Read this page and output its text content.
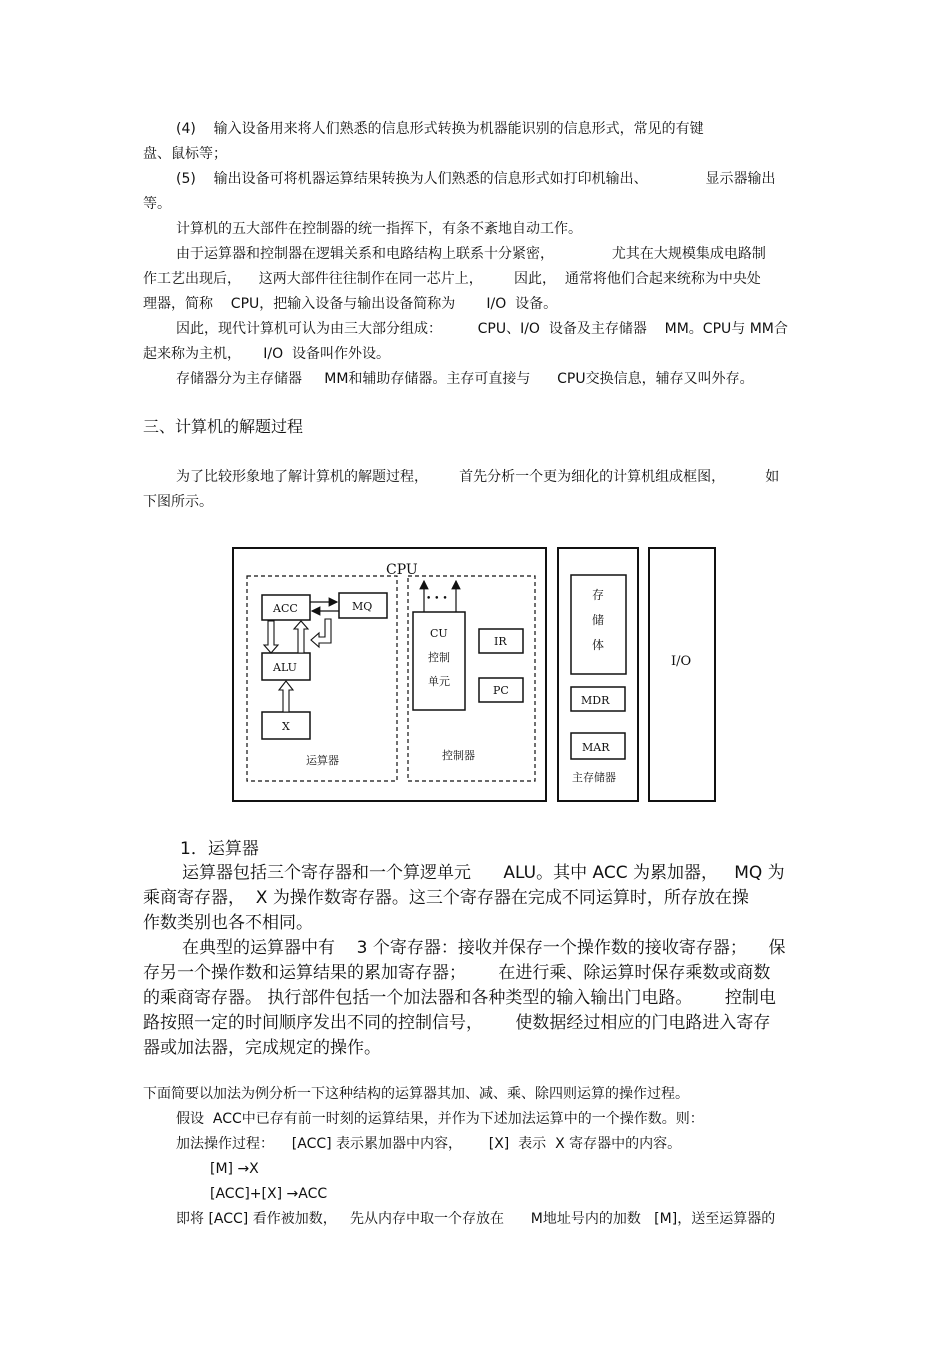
(4)    输入设备用来将人们熟悉的信息形式转换为机器能识别的信息形式，常见的有键
盘、鼠标等；
(5)    输出设备可将机器运算结果转换为人们熟悉的信息形式如打印机输出、             显示器输出
等。
计算机的五大部件在控制器的统一指挥下，有条不紊地自动工作。
由于运算器和控制器在逻辑关系和电路结构上联系十分紧密，             尤其在大规模集成电路制
作工艺出现后，    这两大部件往往制作在同一芯片上，       因此，  通常将他们合起来统称为中央处
理器，简称    CPU，把输入设备与输出设备简称为       I/O  设备。
因此，现代计算机可认为由三大部分组成：        CPU、I/O  设备及主存储器    MM。CPU与 MM合
起来称为主机，     I/O  设备叫作外设。
存储器分为主存储器     MM和辅助存储器。主存可直接与      CPU交换信息，辅存又叫外存。
三、计算机的解题过程
为了比较形象地了解计算机的解题过程，       首先分析一个更为细化的计算机组成框图，         如
下图所示。
CPU
ACC	MQ
ALU
X
运算器
• • •
CU
控制
单元
IR
PC
控制器
存
储
体
MDR
MAR
主存储器
I/O
1．运算器
运算器包括三个寄存器和一个算逻单元      ALU。其中 ACC 为累加器，   MQ 为
乘商寄存器，  X 为操作数寄存器。这三个寄存器在完成不同运算时，所存放在操
作数类别也各不相同。
在典型的运算器中有    3 个寄存器：接收并保存一个操作数的接收寄存器；    保
存另一个操作数和运算结果的累加寄存器；      在进行乘、除运算时保存乘数或商数
的乘商寄存器。 执行部件包括一个加法器和各种类型的输入输出门电路。      控制电
路按照一定的时间顺序发出不同的控制信号，      使数据经过相应的门电路进入寄存
器或加法器，完成规定的操作。
下面简要以加法为例分析一下这种结构的运算器其加、减、乘、除四则运算的操作过程。
假设  ACC中已存有前一时刻的运算结果，并作为下述加法运算中的一个操作数。则：
加法操作过程：    [ACC] 表示累加器中内容，      [X]  表示  X 寄存器中的内容。
[M] →X
[ACC]+[X] →ACC
即将 [ACC] 看作被加数，   先从内存中取一个存放在      M地址号内的加数   [M]，送至运算器的
